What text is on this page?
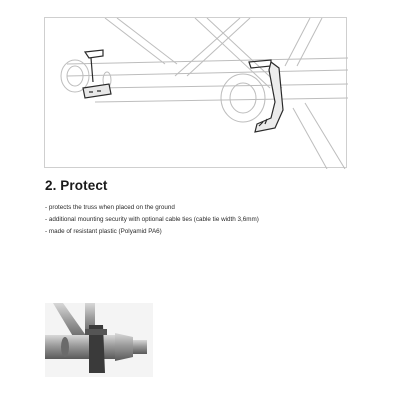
2. Protect
- protects the truss when placed on the ground
- additional mounting security with optional cable ties (cable tie width 3,6mm)
- made of resistant plastic (Polyamid PA6)
